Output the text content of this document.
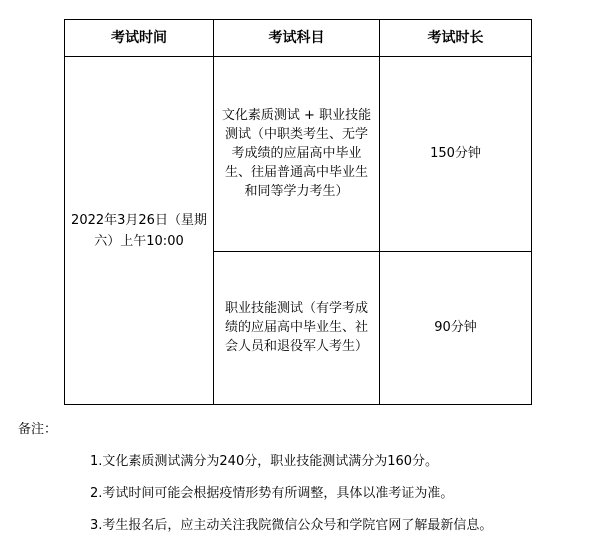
考试时间	考试科目	考试时长

2022年3月26日（星期六）上午10:00	文化素质测试 + 职业技能测试（中职类考生、无学考成绩的应届高中毕业生、往届普通高中毕业生和同等学力考生）	150分钟

	职业技能测试（有学考成绩的应届高中毕业生、社会人员和退役军人考生）	90分钟
备注：
1.文化素质测试满分为240分，职业技能测试满分为160分。
2.考试时间可能会根据疫情形势有所调整，具体以准考证为准。
3.考生报名后，应主动关注我院微信公众号和学院官网了解最新信息。
